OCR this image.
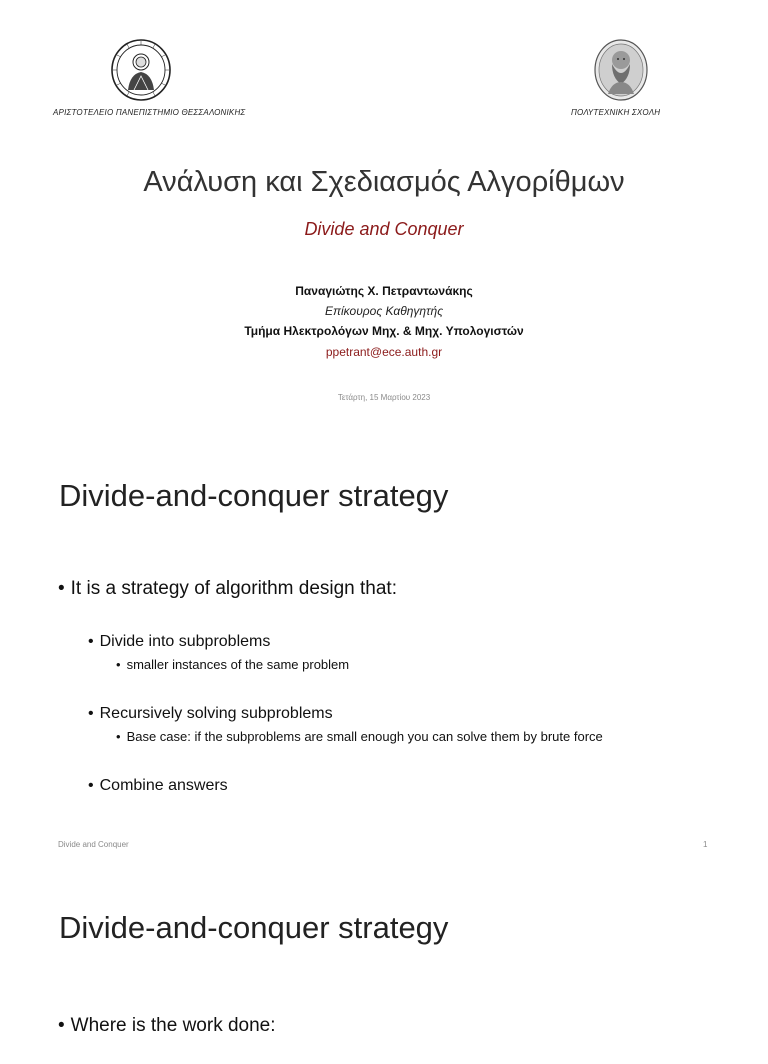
ΑΡΙΣΤΟΤΕΛΕΙΟ ΠΑΝΕΠΙΣΤΗΜΙΟ ΘΕΣΣΑΛΟΝΙΚΗΣ	ΠΟΛΥΤΕΧΝΙΚΗ ΣΧΟΛΗ
Ανάλυση και Σχεδιασμός Αλγορίθμων
Divide and Conquer
Παναγιώτης Χ. Πετραντωνάκης
Επίκουρος Καθηγητής
Τμήμα Ηλεκτρολόγων Μηχ. & Μηχ. Υπολογιστών
ppetrant@ece.auth.gr
Τετάρτη, 15 Μαρτίου 2023
Divide-and-conquer strategy
• It is a strategy of algorithm design that:
• Divide into subproblems
• smaller instances of the same problem
• Recursively solving subproblems
• Base case: if the subproblems are small enough you can solve them by brute force
• Combine answers
Divide and Conquer	1
Divide-and-conquer strategy
• Where is the work done:
